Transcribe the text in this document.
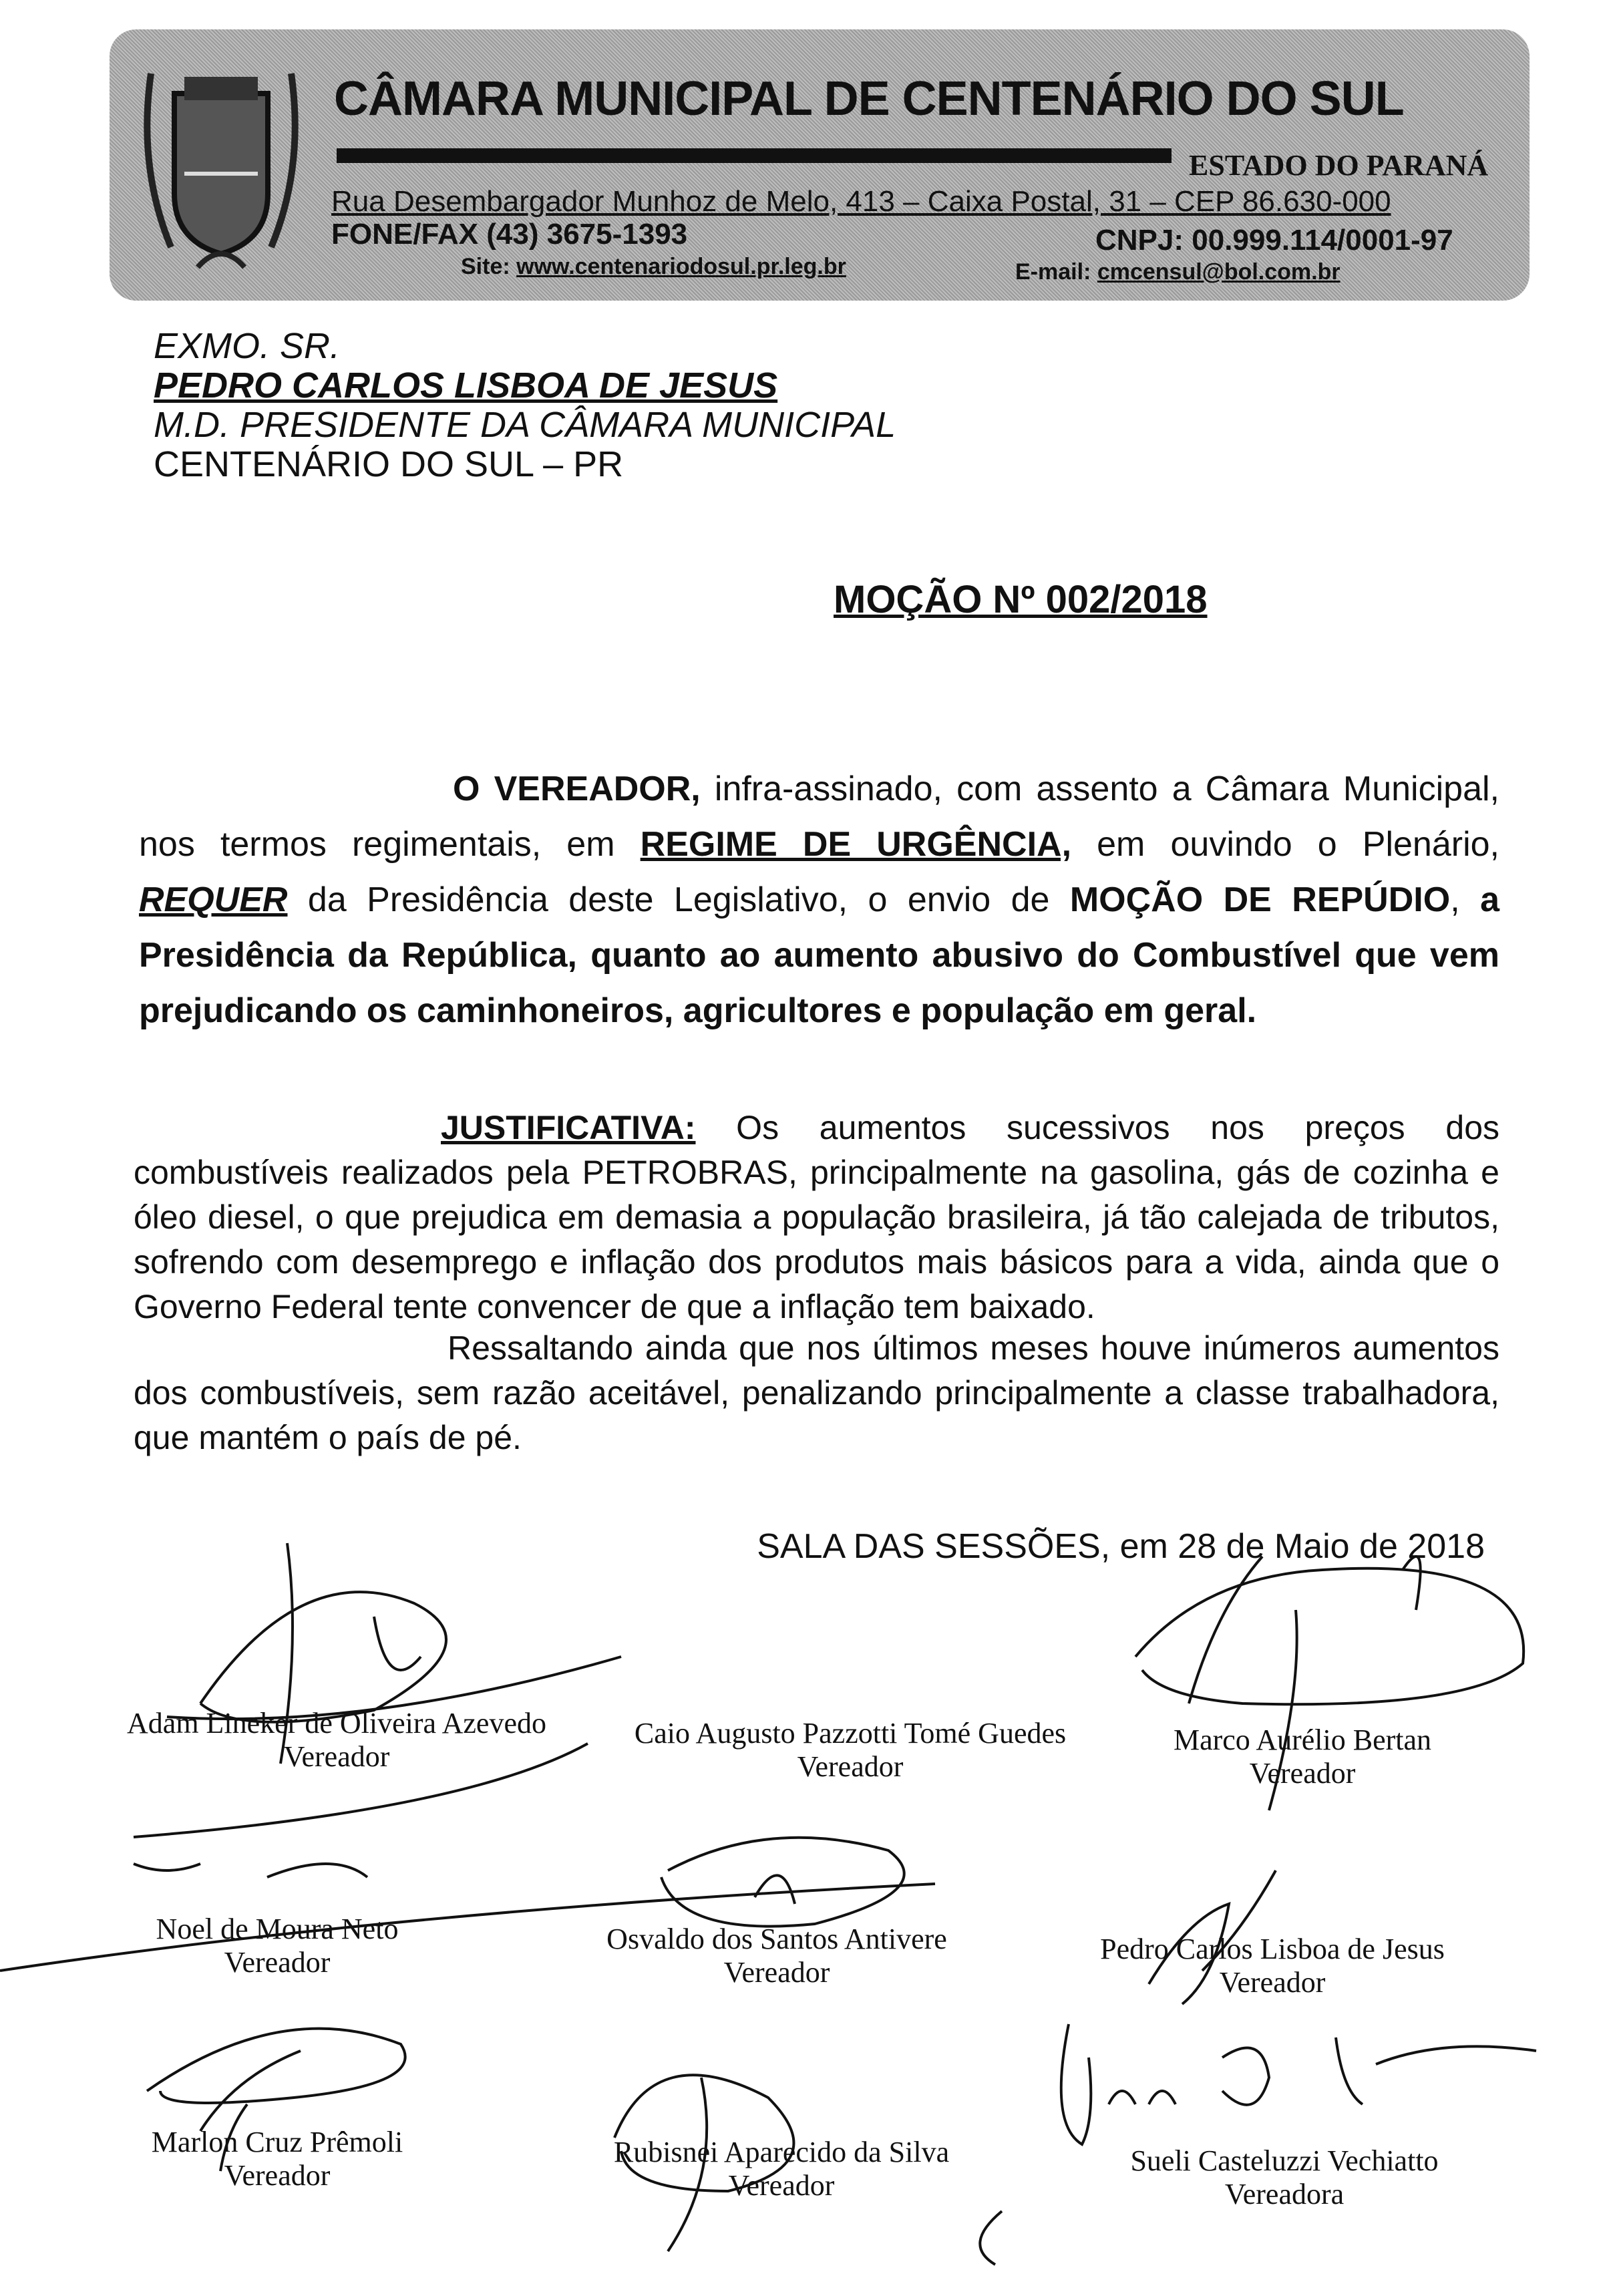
CÂMARA MUNICIPAL DE CENTENÁRIO DO SUL
ESTADO DO PARANÁ
Rua Desembargador Munhoz de Melo, 413 – Caixa Postal, 31 – CEP 86.630-000
FONE/FAX (43) 3675-1393	CNPJ: 00.999.114/0001-97
Site: www.centenariodosul.pr.leg.br	E-mail: cmcensul@bol.com.br
EXMO. SR.
PEDRO CARLOS LISBOA DE JESUS
M.D. PRESIDENTE DA CÂMARA MUNICIPAL
CENTENÁRIO DO SUL – PR
MOÇÃO Nº 002/2018
O VEREADOR, infra-assinado, com assento a Câmara Municipal, nos termos regimentais, em REGIME DE URGÊNCIA, em ouvindo o Plenário, REQUER da Presidência deste Legislativo, o envio de MOÇÃO DE REPÚDIO, a Presidência da República, quanto ao aumento abusivo do Combustível que vem prejudicando os caminhoneiros, agricultores e população em geral.
JUSTIFICATIVA: Os aumentos sucessivos nos preços dos combustíveis realizados pela PETROBRAS, principalmente na gasolina, gás de cozinha e óleo diesel, o que prejudica em demasia a população brasileira, já tão calejada de tributos, sofrendo com desemprego e inflação dos produtos mais básicos para a vida, ainda que o Governo Federal tente convencer de que a inflação tem baixado.
Ressaltando ainda que nos últimos meses houve inúmeros aumentos dos combustíveis, sem razão aceitável, penalizando principalmente a classe trabalhadora, que mantém o país de pé.
SALA DAS SESSÕES, em 28 de Maio de 2018
Adam Lineker de Oliveira Azevedo
Vereador
Caio Augusto Pazzotti Tomé Guedes
Vereador
Marco Aurélio Bertan
Vereador
Noel de Moura Neto
Vereador
Osvaldo dos Santos Antivere
Vereador
Pedro Carlos Lisboa de Jesus
Vereador
Marlon Cruz Prêmoli
Vereador
Rubisnei Aparecido da Silva
Vereador
Sueli Casteluzzi Vechiatto
Vereadora
